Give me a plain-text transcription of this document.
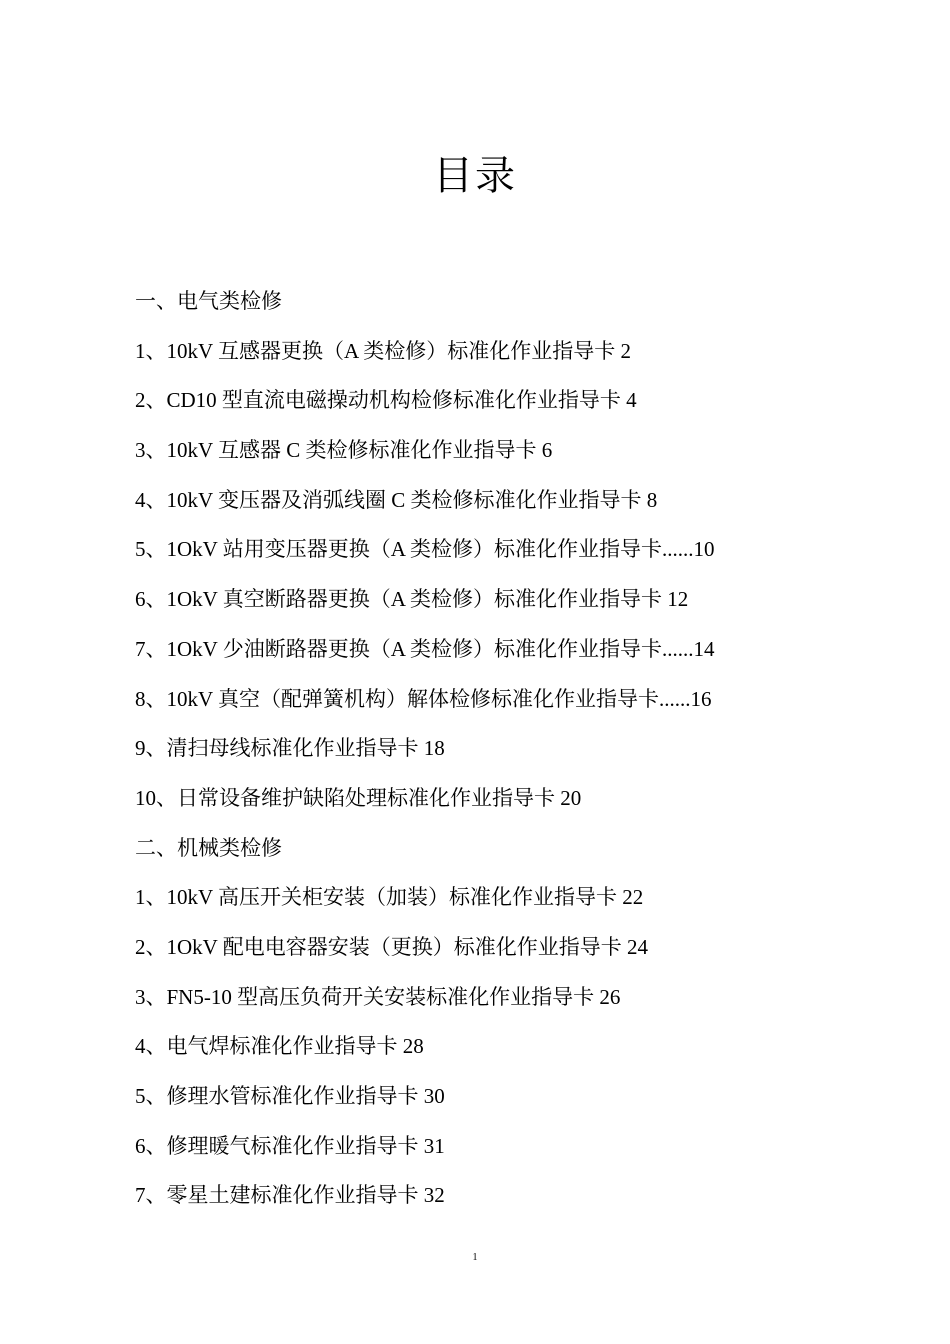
目录
一、电气类检修
1、10kV 互感器更换（A 类检修）标准化作业指导卡 2
2、CD10 型直流电磁操动机构检修标准化作业指导卡 4
3、10kV 互感器 C 类检修标准化作业指导卡 6
4、10kV 变压器及消弧线圈 C 类检修标准化作业指导卡 8
5、1OkV 站用变压器更换（A 类检修）标准化作业指导卡......10
6、1OkV 真空断路器更换（A 类检修）标准化作业指导卡 12
7、1OkV 少油断路器更换（A 类检修）标准化作业指导卡......14
8、10kV 真空（配弹簧机构）解体检修标准化作业指导卡......16
9、清扫母线标准化作业指导卡 18
10、日常设备维护缺陷处理标准化作业指导卡 20
二、机械类检修
1、10kV 高压开关柜安装（加装）标准化作业指导卡 22
2、1OkV 配电电容器安装（更换）标准化作业指导卡 24
3、FN5-10 型高压负荷开关安装标准化作业指导卡 26
4、电气焊标准化作业指导卡 28
5、修理水管标准化作业指导卡 30
6、修理暖气标准化作业指导卡 31
7、零星土建标准化作业指导卡 32
1
